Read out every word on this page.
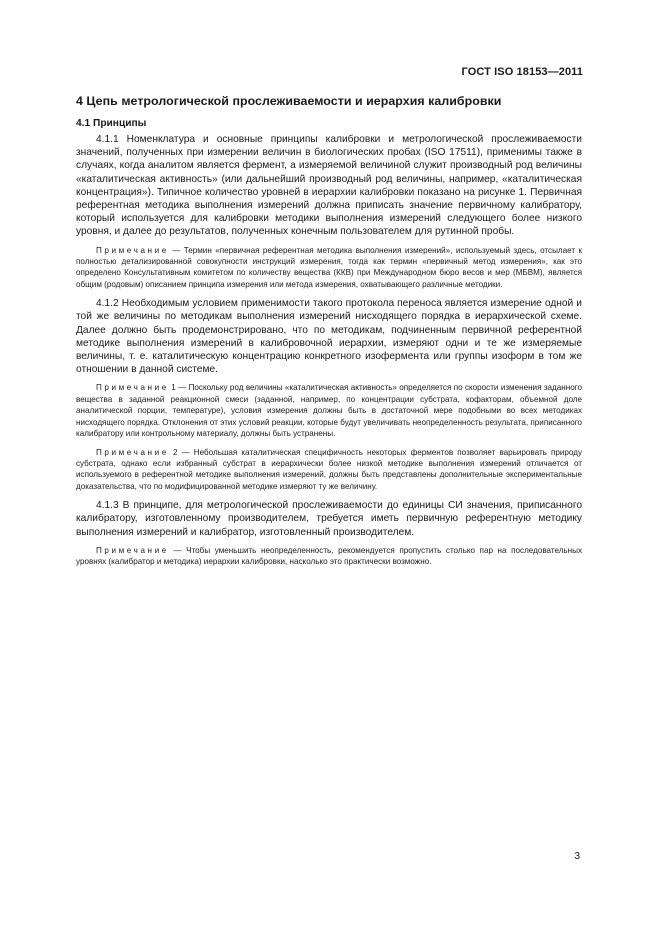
ГОСТ ISO 18153—2011
4 Цепь метрологической прослеживаемости и иерархия калибровки
4.1 Принципы

4.1.1 Номенклатура и основные принципы калибровки и метрологической прослеживаемости значений, полученных при измерении величин в биологических пробах (ISO 17511), применимы также в случаях, когда аналитом является фермент, а измеряемой величиной служит производный род величины «каталитическая активность» (или дальнейший производный род величины, например, «каталитическая концентрация»). Типичное количество уровней в иерархии калибровки показано на рисунке 1. Первичная референтная методика выполнения измерений должна приписать значение первичному калибратору, который используется для калибровки методики выполнения измерений следующего более низкого уровня, и далее до результатов, полученных конечным пользователем для рутинной пробы.

Примечание — Термин «первичная референтная методика выполнения измерений», используемый здесь, отсылает к полностью детализированной совокупности инструкций измерения, тогда как термин «первичный метод измерения», как это определено Консультативным комитетом по количеству вещества (ККВ) при Международном бюро весов и мер (МБВМ), является общим (родовым) описанием принципа измерения или метода измерения, охватывающего различные методики.

4.1.2 Необходимым условием применимости такого протокола переноса является измерение одной и той же величины по методикам выполнения измерений нисходящего порядка в иерархической схеме. Далее должно быть продемонстрировано, что по методикам, подчиненным первичной референтной методике выполнения измерений в калибровочной иерархии, измеряют одни и те же измеряемые величины, т. е. каталитическую концентрацию конкретного изофермента или группы изоформ в том же отношении в данной системе.

Примечание 1 — Поскольку род величины «каталитическая активность» определяется по скорости изменения заданного вещества в заданной реакционной смеси (заданной, например, по концентрации субстрата, кофакторам, объемной доле аналитической порции, температуре), условия измерения должны быть в достаточной мере подобными во всех методиках нисходящего порядка. Отклонения от этих условий реакции, которые будут увеличивать неопределенность результата, приписанного калибратору или контрольному материалу, должны быть устранены.

Примечание 2 — Небольшая каталитическая специфичность некоторых ферментов позволяет варьировать природу субстрата, однако если избранный субстрат в иерархически более низкой методике выполнения измерений отличается от используемого в референтной методике выполнения измерений, должны быть представлены дополнительные экспериментальные доказательства, что по модифицированной методике измеряют ту же величину.

4.1.3 В принципе, для метрологической прослеживаемости до единицы СИ значения, приписанного калибратору, изготовленному производителем, требуется иметь первичную референтную методику выполнения измерений и калибратор, изготовленный производителем.

Примечание — Чтобы уменьшить неопределенность, рекомендуется пропустить столько пар на последовательных уровнях (калибратор и методика) иерархии калибровки, насколько это практически возможно.

3
